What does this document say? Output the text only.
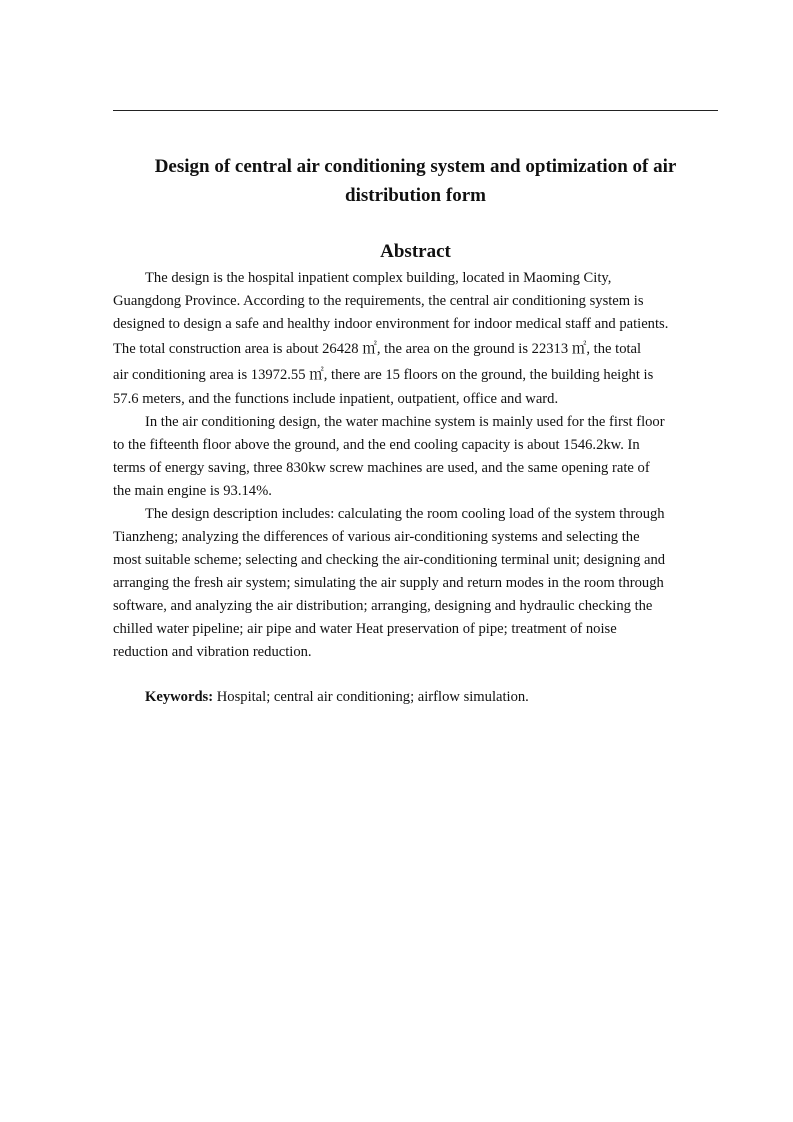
Design of central air conditioning system and optimization of air
distribution form
Abstract
The design is the hospital inpatient complex building, located in Maoming City,
Guangdong Province. According to the requirements, the central air conditioning system is
designed to design a safe and healthy indoor environment for indoor medical staff and patients.
The total construction area is about 26428 ㎡, the area on the ground is 22313 ㎡, the total
air conditioning area is 13972.55 ㎡, there are 15 floors on the ground, the building height is
57.6 meters, and the functions include inpatient, outpatient, office and ward.
In the air conditioning design, the water machine system is mainly used for the first floor
to the fifteenth floor above the ground, and the end cooling capacity is about 1546.2kw. In
terms of energy saving, three 830kw screw machines are used, and the same opening rate of
the main engine is 93.14%.
The design description includes: calculating the room cooling load of the system through
Tianzheng; analyzing the differences of various air-conditioning systems and selecting the
most suitable scheme; selecting and checking the air-conditioning terminal unit; designing and
arranging the fresh air system; simulating the air supply and return modes in the room through
software, and analyzing the air distribution; arranging, designing and hydraulic checking the
chilled water pipeline; air pipe and water Heat preservation of pipe; treatment of noise
reduction and vibration reduction.
Keywords: Hospital; central air conditioning; airflow simulation.
